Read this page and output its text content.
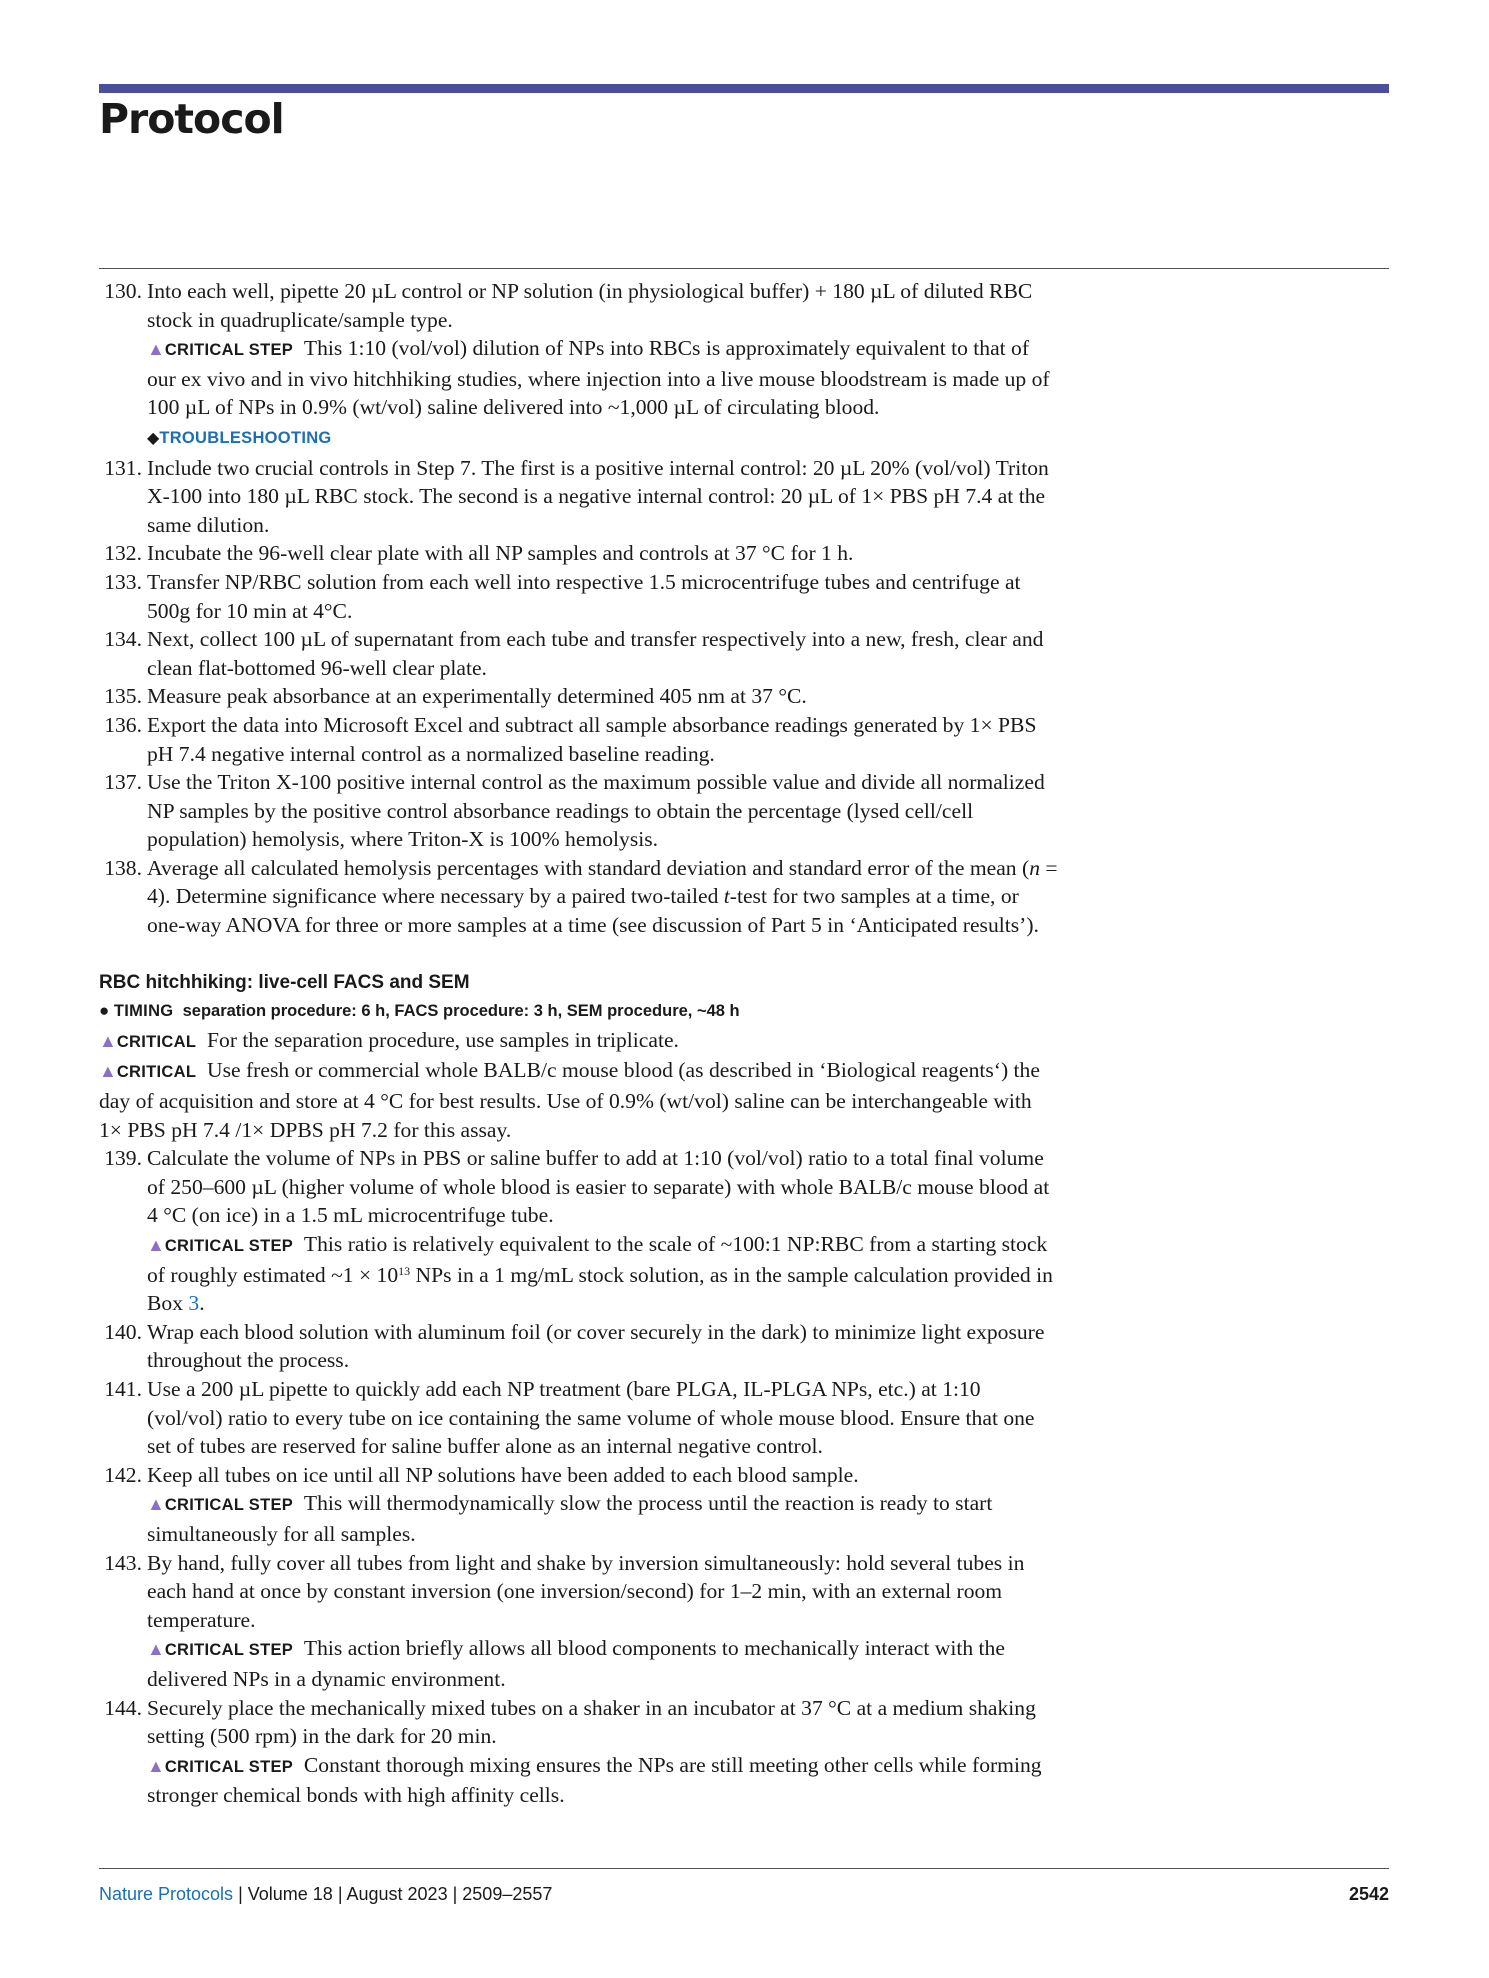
Protocol
130. Into each well, pipette 20 µL control or NP solution (in physiological buffer) + 180 µL of diluted RBC stock in quadruplicate/sample type.
▲CRITICAL STEP This 1:10 (vol/vol) dilution of NPs into RBCs is approximately equivalent to that of our ex vivo and in vivo hitchhiking studies, where injection into a live mouse bloodstream is made up of 100 µL of NPs in 0.9% (wt/vol) saline delivered into ~1,000 µL of circulating blood.
◆TROUBLESHOOTING
131. Include two crucial controls in Step 7. The first is a positive internal control: 20 µL 20% (vol/vol) Triton X-100 into 180 µL RBC stock. The second is a negative internal control: 20 µL of 1× PBS pH 7.4 at the same dilution.
132. Incubate the 96-well clear plate with all NP samples and controls at 37 °C for 1 h.
133. Transfer NP/RBC solution from each well into respective 1.5 microcentrifuge tubes and centrifuge at 500g for 10 min at 4°C.
134. Next, collect 100 µL of supernatant from each tube and transfer respectively into a new, fresh, clear and clean flat-bottomed 96-well clear plate.
135. Measure peak absorbance at an experimentally determined 405 nm at 37 °C.
136. Export the data into Microsoft Excel and subtract all sample absorbance readings generated by 1× PBS pH 7.4 negative internal control as a normalized baseline reading.
137. Use the Triton X-100 positive internal control as the maximum possible value and divide all normalized NP samples by the positive control absorbance readings to obtain the percentage (lysed cell/cell population) hemolysis, where Triton-X is 100% hemolysis.
138. Average all calculated hemolysis percentages with standard deviation and standard error of the mean (n = 4). Determine significance where necessary by a paired two-tailed t-test for two samples at a time, or one-way ANOVA for three or more samples at a time (see discussion of Part 5 in ‘Anticipated results’).
RBC hitchhiking: live-cell FACS and SEM
● TIMING separation procedure: 6 h, FACS procedure: 3 h, SEM procedure, ~48 h
▲CRITICAL For the separation procedure, use samples in triplicate.
▲CRITICAL Use fresh or commercial whole BALB/c mouse blood (as described in ‘Biological reagents‘) the day of acquisition and store at 4 °C for best results. Use of 0.9% (wt/vol) saline can be interchangeable with 1× PBS pH 7.4 /1× DPBS pH 7.2 for this assay.
139. Calculate the volume of NPs in PBS or saline buffer to add at 1:10 (vol/vol) ratio to a total final volume of 250–600 µL (higher volume of whole blood is easier to separate) with whole BALB/c mouse blood at 4 °C (on ice) in a 1.5 mL microcentrifuge tube.
▲CRITICAL STEP This ratio is relatively equivalent to the scale of ~100:1 NP:RBC from a starting stock of roughly estimated ~1 × $10^{13}$ NPs in a 1 mg/mL stock solution, as in the sample calculation provided in Box 3.
140. Wrap each blood solution with aluminum foil (or cover securely in the dark) to minimize light exposure throughout the process.
141. Use a 200 µL pipette to quickly add each NP treatment (bare PLGA, IL-PLGA NPs, etc.) at 1:10 (vol/vol) ratio to every tube on ice containing the same volume of whole mouse blood. Ensure that one set of tubes are reserved for saline buffer alone as an internal negative control.
142. Keep all tubes on ice until all NP solutions have been added to each blood sample.
▲CRITICAL STEP This will thermodynamically slow the process until the reaction is ready to start simultaneously for all samples.
143. By hand, fully cover all tubes from light and shake by inversion simultaneously: hold several tubes in each hand at once by constant inversion (one inversion/second) for 1–2 min, with an external room temperature.
▲CRITICAL STEP This action briefly allows all blood components to mechanically interact with the delivered NPs in a dynamic environment.
144. Securely place the mechanically mixed tubes on a shaker in an incubator at 37 °C at a medium shaking setting (500 rpm) in the dark for 20 min.
▲CRITICAL STEP Constant thorough mixing ensures the NPs are still meeting other cells while forming stronger chemical bonds with high affinity cells.
Nature Protocols | Volume 18 | August 2023 | 2509–2557	2542
